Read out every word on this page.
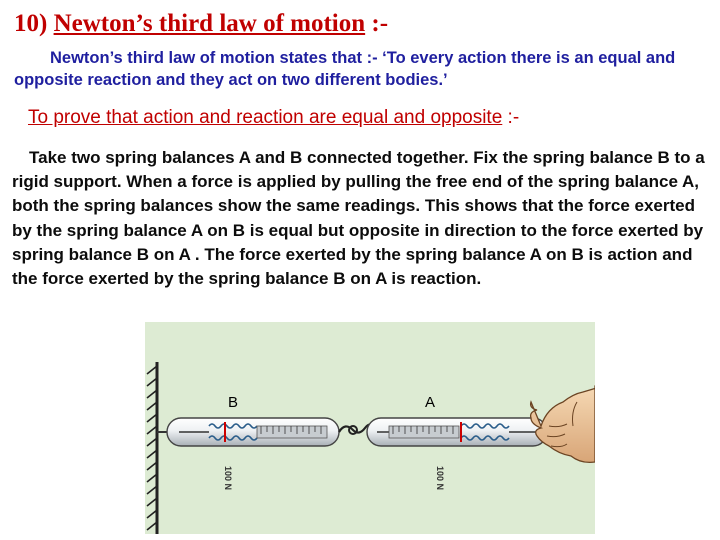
10) Newton’s third law of motion :-

Newton’s third law of motion states that :- ‘To every action there is an equal and opposite reaction and they act on two different bodies.’

To prove that action and reaction are equal and opposite :-

Take two spring balances A and B connected together. Fix the spring balance B to a rigid support. When a force is applied by pulling the free end of the spring balance A, both the spring balances show the same readings. This shows that the force exerted by the spring balance A on B is equal but opposite in direction to the force exerted by spring balance B on A . The force exerted by the spring balance A on B is action and the force exerted by the spring balance B on A is reaction.

100 N	100 N
B	A
